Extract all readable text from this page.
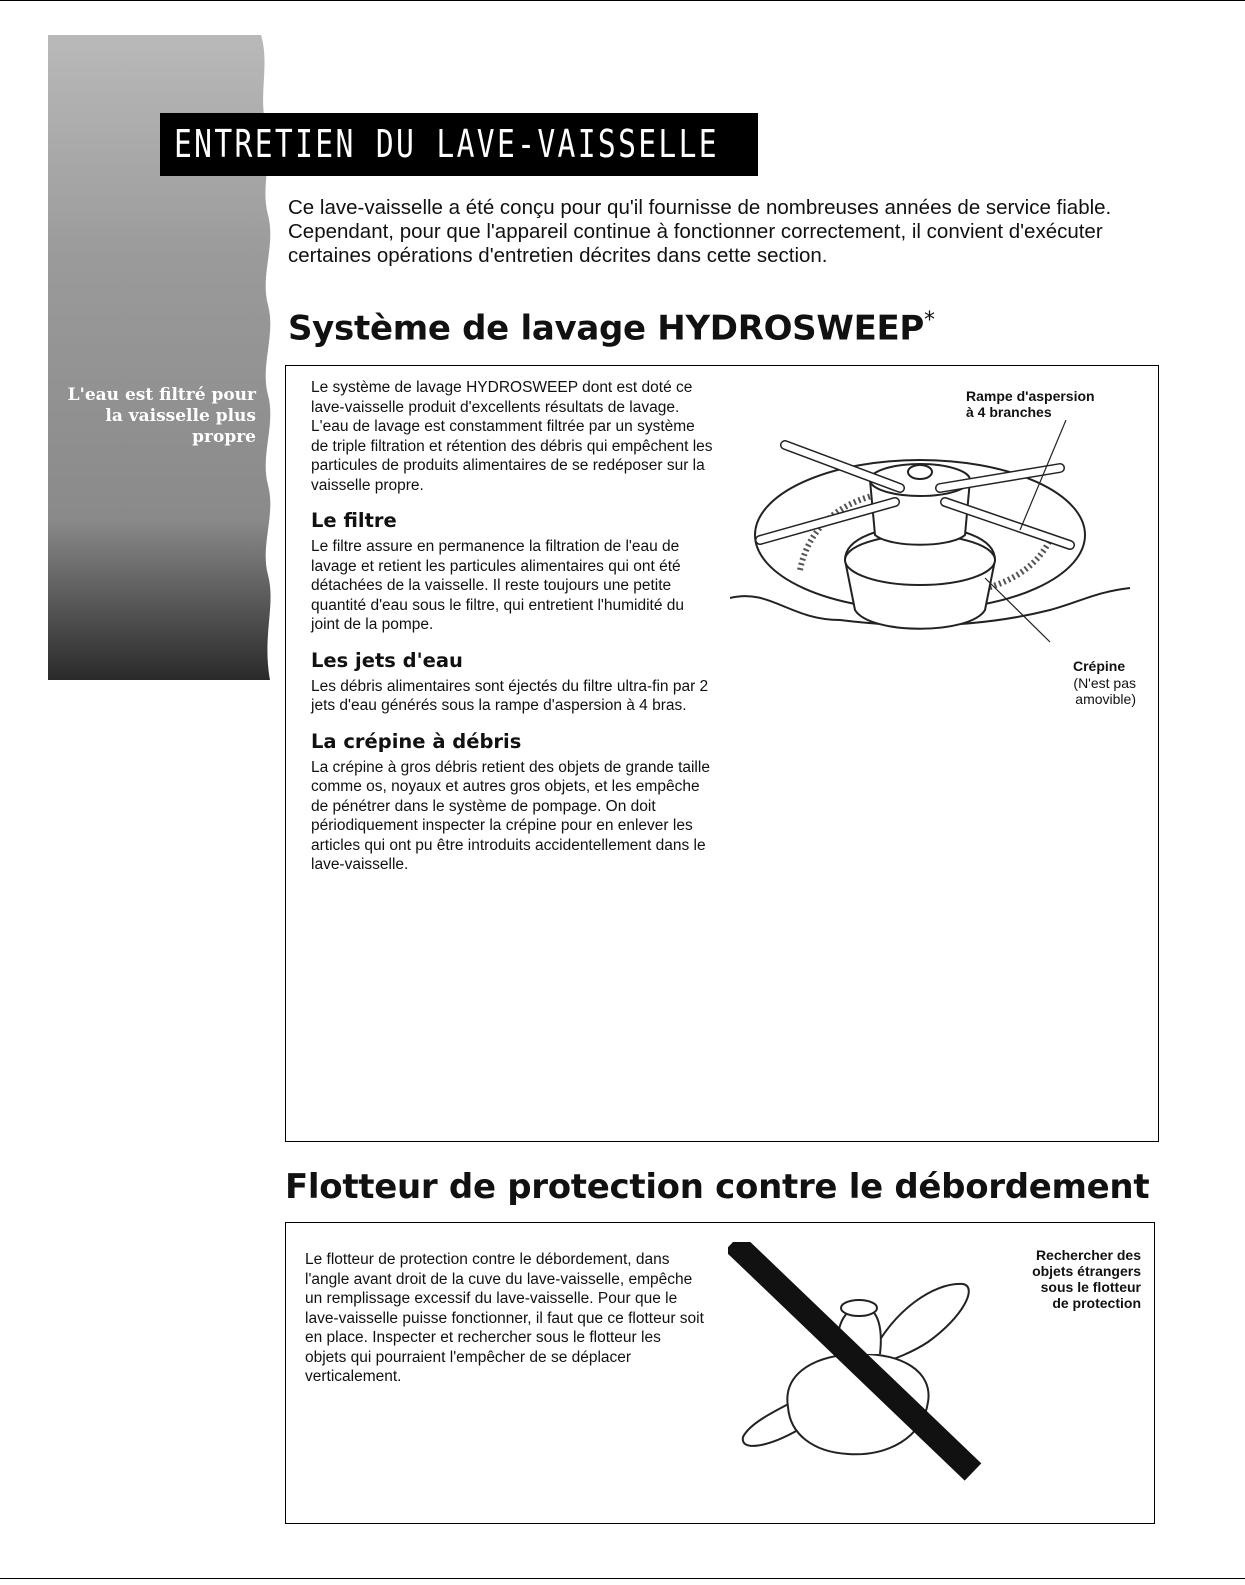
L'eau est filtré pour la vaisselle plus propre
ENTRETIEN DU LAVE-VAISSELLE

Ce lave-vaisselle a été conçu pour qu'il fournisse de nombreuses années de service fiable. Cependant, pour que l'appareil continue à fonctionner correctement, il convient d'exécuter certaines opérations d'entretien décrites dans cette section.

Système de lavage HYDROSWEEP*

Le système de lavage HYDROSWEEP dont est doté ce lave-vaisselle produit d'excellents résultats de lavage. L'eau de lavage est constamment filtrée par un système de triple filtration et rétention des débris qui empêchent les particules de produits alimentaires de se redéposer sur la vaisselle propre.

Le filtre

Le filtre assure en permanence la filtration de l'eau de lavage et retient les particules alimentaires qui ont été détachées de la vaisselle. Il reste toujours une petite quantité d'eau sous le filtre, qui entretient l'humidité du joint de la pompe.

Les jets d'eau

Les débris alimentaires sont éjectés du filtre ultra-fin par 2 jets d'eau générés sous la rampe d'aspersion à 4 bras.

La crépine à débris

La crépine à gros débris retient des objets de grande taille comme os, noyaux et autres gros objets, et les empêche de pénétrer dans le système de pompage. On doit périodiquement inspecter la crépine pour en enlever les articles qui ont pu être introduits accidentellement dans le lave-vaisselle.

Rampe d'aspersion
à 4 branches
Crépine
(N'est pas
amovible)
Flotteur de protection contre le débordement

Le flotteur de protection contre le débordement, dans l'angle avant droit de la cuve du lave-vaisselle, empêche un remplissage excessif du lave-vaisselle. Pour que le lave-vaisselle puisse fonctionner, il faut que ce flotteur soit en place. Inspecter et rechercher sous le flotteur les objets qui pourraient l'empêcher de se déplacer verticalement.

Rechercher des
objets étrangers
sous le flotteur
de protection
